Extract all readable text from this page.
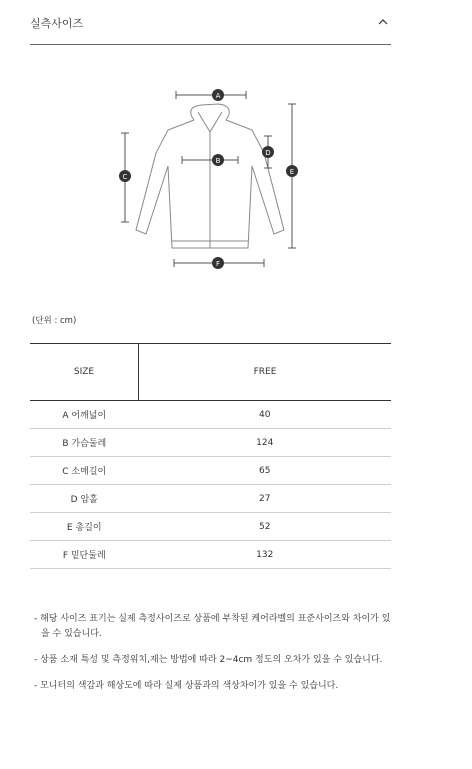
실측사이즈
A
B
C
D
E
F
(단위 : cm)
SIZE	FREE
A 어깨넓이	40
B 가슴둘레	124
C 소매길이	65
D 암홀	27
E 총길이	52
F 밑단둘레	132

- 해당 사이즈 표기는 실제 측정사이즈로 상품에 부착된 케어라벨의 표준사이즈와 차이가 있을 수 있습니다.

- 상품 소재 특성 및 측정위치,재는 방법에 따라 2~4cm 정도의 오차가 있을 수 있습니다.

- 모니터의 색감과 해상도에 따라 실제 상품과의 색상차이가 있을 수 있습니다.
